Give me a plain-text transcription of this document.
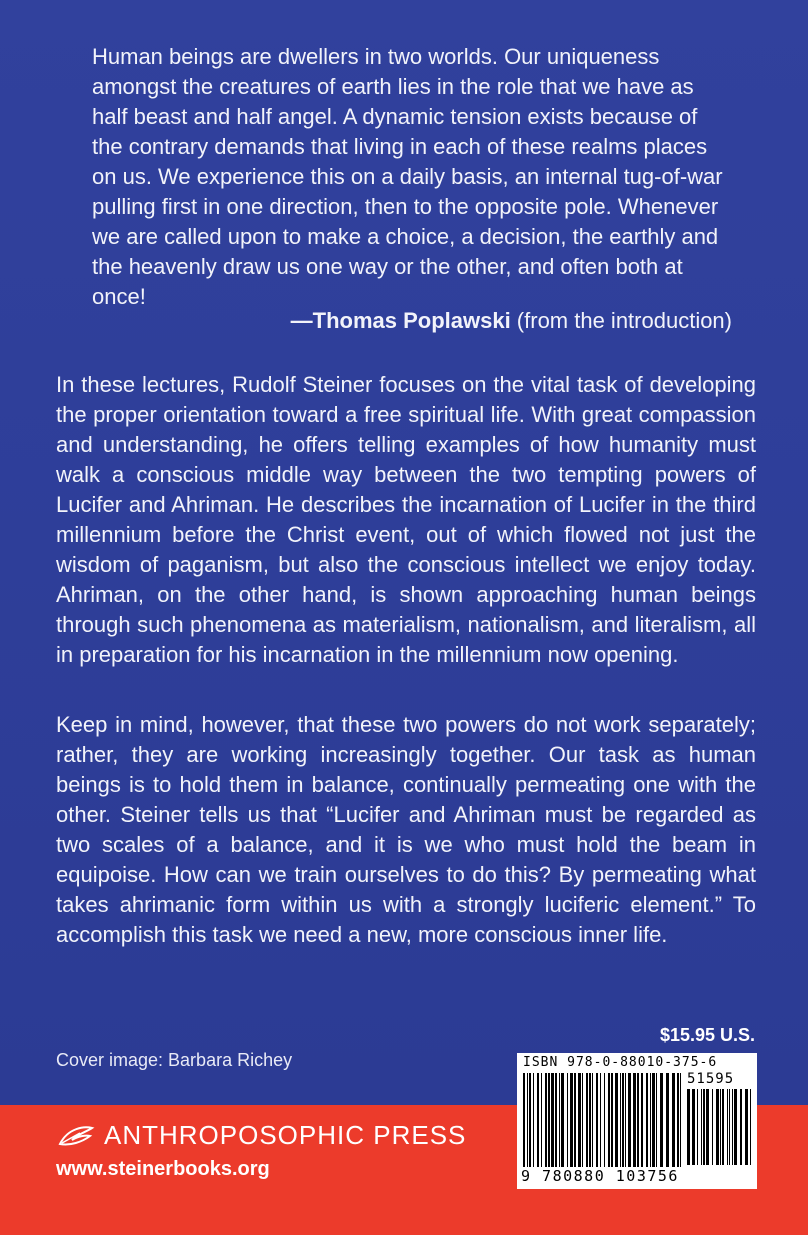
Human beings are dwellers in two worlds. Our uniqueness amongst the creatures of earth lies in the role that we have as half beast and half angel. A dynamic tension exists because of the contrary demands that living in each of these realms places on us. We experience this on a daily basis, an internal tug-of-war pulling first in one direction, then to the opposite pole. Whenever we are called upon to make a choice, a decision, the earthly and the heavenly draw us one way or the other, and often both at once!

—Thomas Poplawski (from the introduction)

In these lectures, Rudolf Steiner focuses on the vital task of developing the proper orientation toward a free spiritual life. With great compassion and understanding, he offers telling examples of how humanity must walk a conscious middle way between the two tempting powers of Lucifer and Ahriman. He describes the incarnation of Lucifer in the third millennium before the Christ event, out of which flowed not just the wisdom of paganism, but also the conscious intellect we enjoy today. Ahriman, on the other hand, is shown approaching human beings through such phenomena as materialism, nationalism, and literalism, all in preparation for his incarnation in the millennium now opening.

Keep in mind, however, that these two powers do not work separately; rather, they are working increasingly together. Our task as human beings is to hold them in balance, continually permeating one with the other. Steiner tells us that “Lucifer and Ahriman must be regarded as two scales of a balance, and it is we who must hold the beam in equipoise. How can we train ourselves to do this? By permeating what takes ahrimanic form within us with a strongly luciferic element.” To accomplish this task we need a new, more conscious inner life.

Cover image: Barbara Richey
$15.95 U.S.
ISBN 978-0-88010-375-6
51595
9 780880 103756
ANTHROPOSOPHIC PRESS
www.steinerbooks.org
